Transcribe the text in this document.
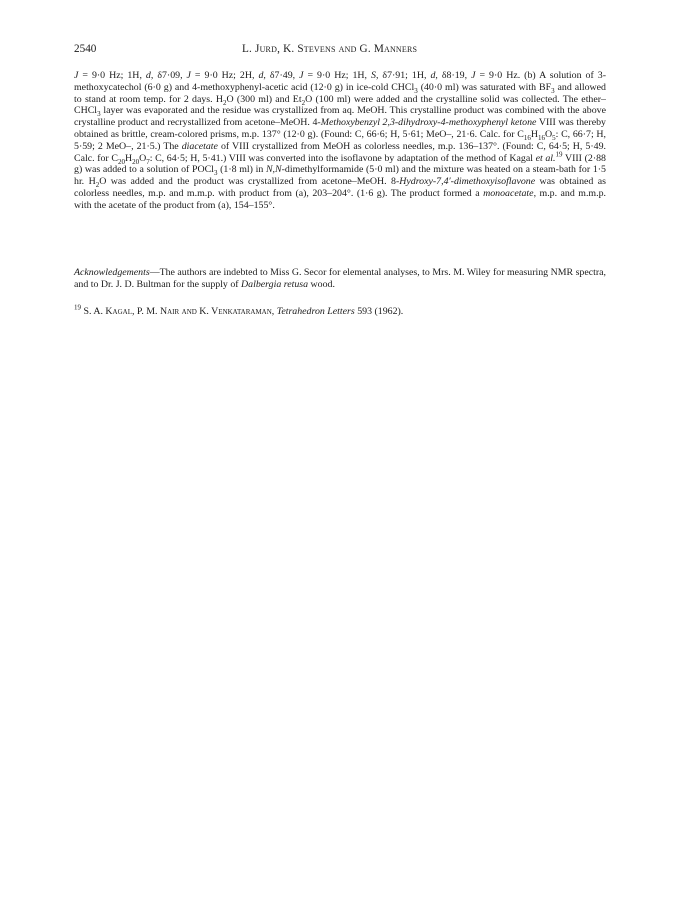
2540	L. Jurd, K. Stevens and G. Manners
J = 9·0 Hz; 1H, d, δ7·09, J = 9·0 Hz; 2H, d, δ7·49, J = 9·0 Hz; 1H, S, δ7·91; 1H, d, δ8·19, J = 9·0 Hz. (b) A solution of 3-methoxycatechol (6·0 g) and 4-methoxyphenyl-acetic acid (12·0 g) in ice-cold CHCl$_3$ (40·0 ml) was saturated with $BF_3$ and allowed to stand at room temp. for 2 days. $H_2O$ (300 ml) and $Et_2O$ (100 ml) were added and the crystalline solid was collected. The ether–CHCl$_3$ layer was evaporated and the residue was crystallized from aq. MeOH. This crystalline product was combined with the above crystalline product and recrystallized from acetone–MeOH. 4-Methoxybenzyl 2,3-dihydroxy-4-methoxyphenyl ketone VIII was thereby obtained as brittle, cream-colored prisms, m.p. 137° (12·0 g). (Found: C, 66·6; H, 5·61; MeO–, 21·6. Calc. for $C_{16}H_{16}O_5$: C, 66·7; H, 5·59; 2 MeO–, 21·5.) The diacetate of VIII crystallized from MeOH as colorless needles, m.p. 136–137°. (Found: C, 64·5; H, 5·49. Calc. for $C_{20}H_{20}O_7$: C, 64·5; H, 5·41.) VIII was converted into the isoflavone by adaptation of the method of Kagal et al.$^{19}$ VIII (2·88 g) was added to a solution of POCl$_3$ (1·8 ml) in N,N-dimethylformamide (5·0 ml) and the mixture was heated on a steam-bath for 1·5 hr. $H_2O$ was added and the product was crystallized from acetone–MeOH. 8-Hydroxy-7,4′-dimethoxyisoflavone was obtained as colorless needles, m.p. and m.m.p. with product from (a), 203–204°. (1·6 g). The product formed a monoacetate, m.p. and m.m.p. with the acetate of the product from (a), 154–155°.
Acknowledgements—The authors are indebted to Miss G. Secor for elemental analyses, to Mrs. M. Wiley for measuring NMR spectra, and to Dr. J. D. Bultman for the supply of Dalbergia retusa wood.
$^{19}$ S. A. Kagal, P. M. Nair and K. Venkataraman, Tetrahedron Letters 593 (1962).
